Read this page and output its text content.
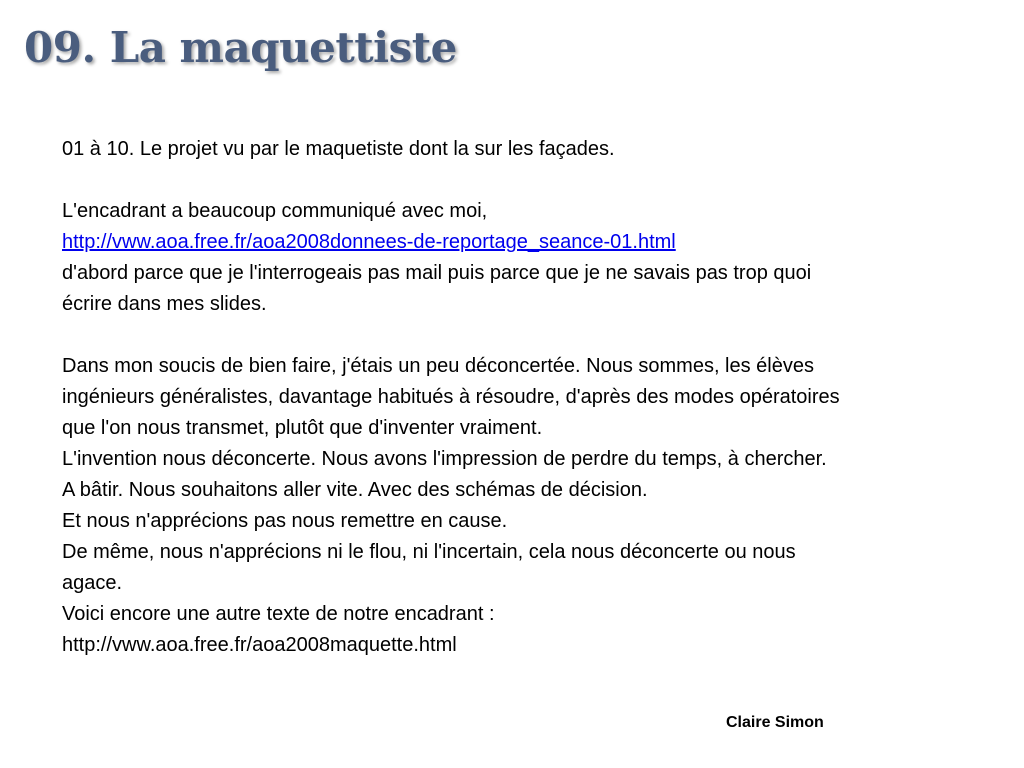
09. La maquettiste
01 à 10. Le projet vu par le maquetiste dont la sur les façades.
L'encadrant a beaucoup communiqué avec moi,
http://vww.aoa.free.fr/aoa2008donnees-de-reportage_seance-01.html
d'abord parce que je l'interrogeais pas mail puis parce que je ne savais pas trop quoi
écrire dans mes slides.
Dans mon soucis de bien faire, j'étais un peu déconcertée. Nous sommes, les élèves
ingénieurs généralistes, davantage habitués à résoudre, d'après des modes opératoires
que l'on nous transmet, plutôt que d'inventer vraiment.
L'invention nous déconcerte. Nous avons l'impression de perdre du temps, à chercher.
A bâtir. Nous souhaitons aller vite. Avec des schémas de décision.
Et nous n'apprécions pas nous remettre en cause.
De même, nous n'apprécions ni le flou, ni l'incertain, cela nous déconcerte ou nous
agace.
Voici encore une autre texte de notre encadrant :
http://vww.aoa.free.fr/aoa2008maquette.html
Claire Simon
